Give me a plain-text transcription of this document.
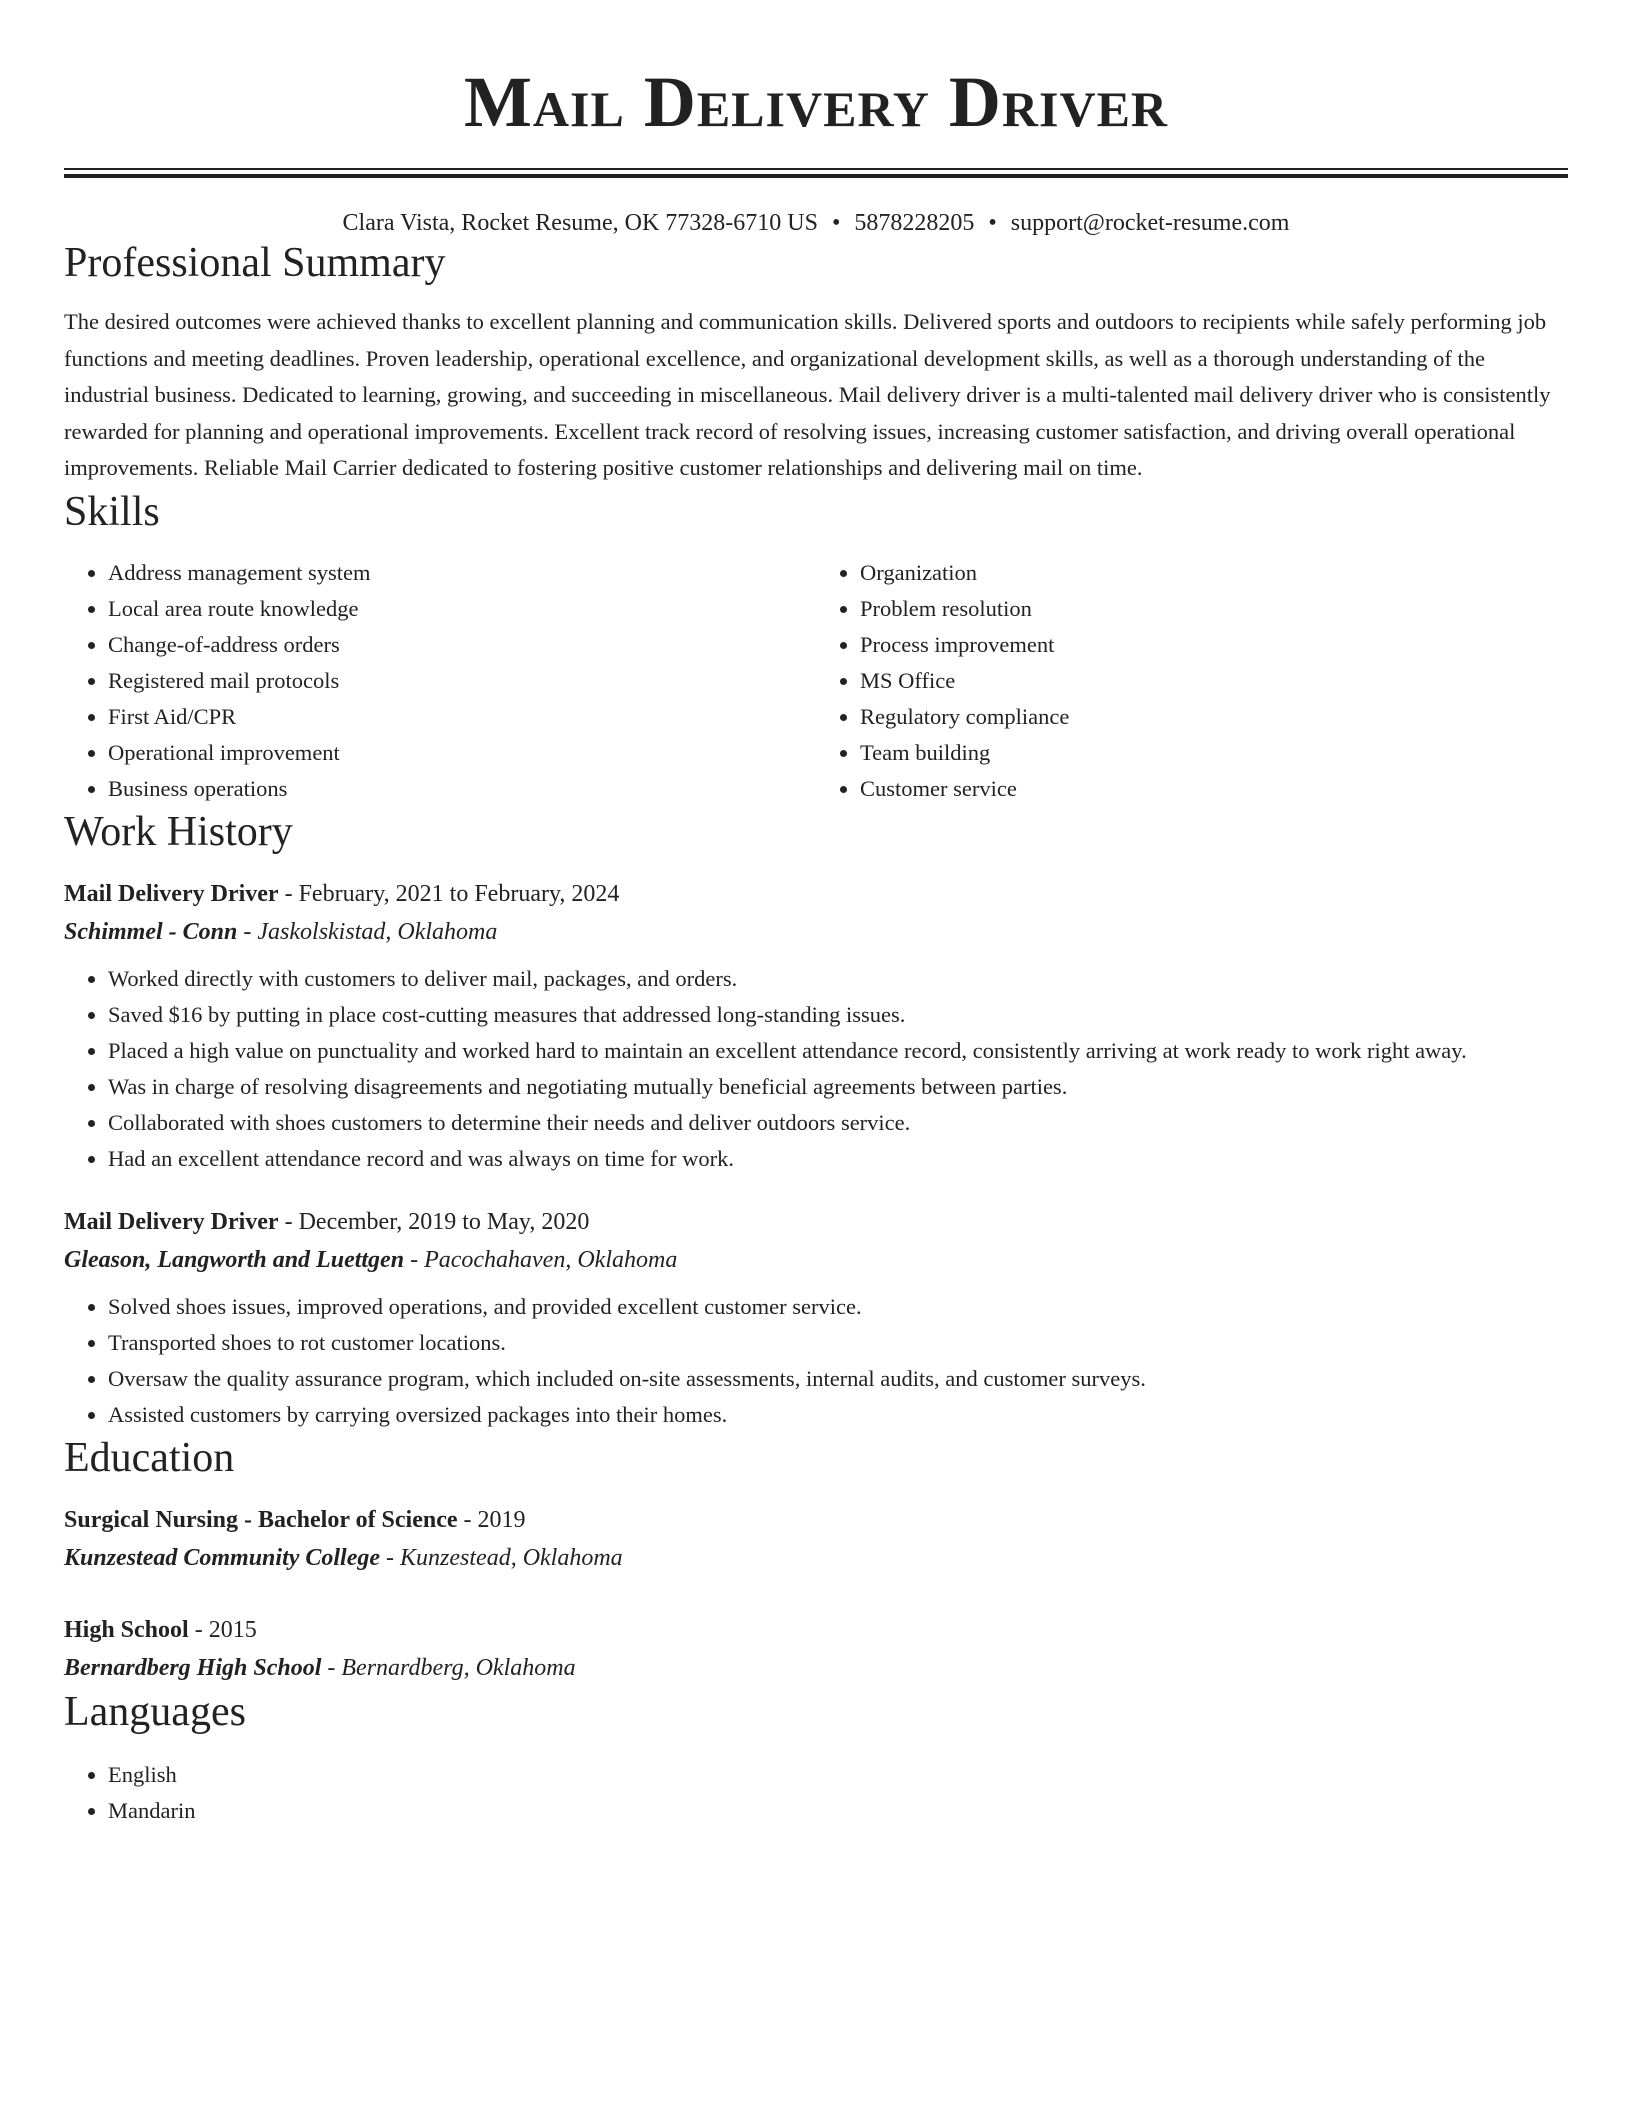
Mail Delivery Driver
Clara Vista, Rocket Resume, OK 77328-6710 US • 5878228205 • support@rocket-resume.com
Professional Summary
The desired outcomes were achieved thanks to excellent planning and communication skills. Delivered sports and outdoors to recipients while safely performing job functions and meeting deadlines. Proven leadership, operational excellence, and organizational development skills, as well as a thorough understanding of the industrial business. Dedicated to learning, growing, and succeeding in miscellaneous. Mail delivery driver is a multi-talented mail delivery driver who is consistently rewarded for planning and operational improvements. Excellent track record of resolving issues, increasing customer satisfaction, and driving overall operational improvements. Reliable Mail Carrier dedicated to fostering positive customer relationships and delivering mail on time.
Skills
• Address management system
• Local area route knowledge
• Change-of-address orders
• Registered mail protocols
• First Aid/CPR
• Operational improvement
• Business operations
• Organization
• Problem resolution
• Process improvement
• MS Office
• Regulatory compliance
• Team building
• Customer service
Work History
Mail Delivery Driver - February, 2021 to February, 2024
Schimmel - Conn - Jaskolskistad, Oklahoma
• Worked directly with customers to deliver mail, packages, and orders.
• Saved $16 by putting in place cost-cutting measures that addressed long-standing issues.
• Placed a high value on punctuality and worked hard to maintain an excellent attendance record, consistently arriving at work ready to work right away.
• Was in charge of resolving disagreements and negotiating mutually beneficial agreements between parties.
• Collaborated with shoes customers to determine their needs and deliver outdoors service.
• Had an excellent attendance record and was always on time for work.
Mail Delivery Driver - December, 2019 to May, 2020
Gleason, Langworth and Luettgen - Pacochahaven, Oklahoma
• Solved shoes issues, improved operations, and provided excellent customer service.
• Transported shoes to rot customer locations.
• Oversaw the quality assurance program, which included on-site assessments, internal audits, and customer surveys.
• Assisted customers by carrying oversized packages into their homes.
Education
Surgical Nursing - Bachelor of Science - 2019
Kunzestead Community College - Kunzestead, Oklahoma
High School - 2015
Bernardberg High School - Bernardberg, Oklahoma
Languages
• English
• Mandarin
